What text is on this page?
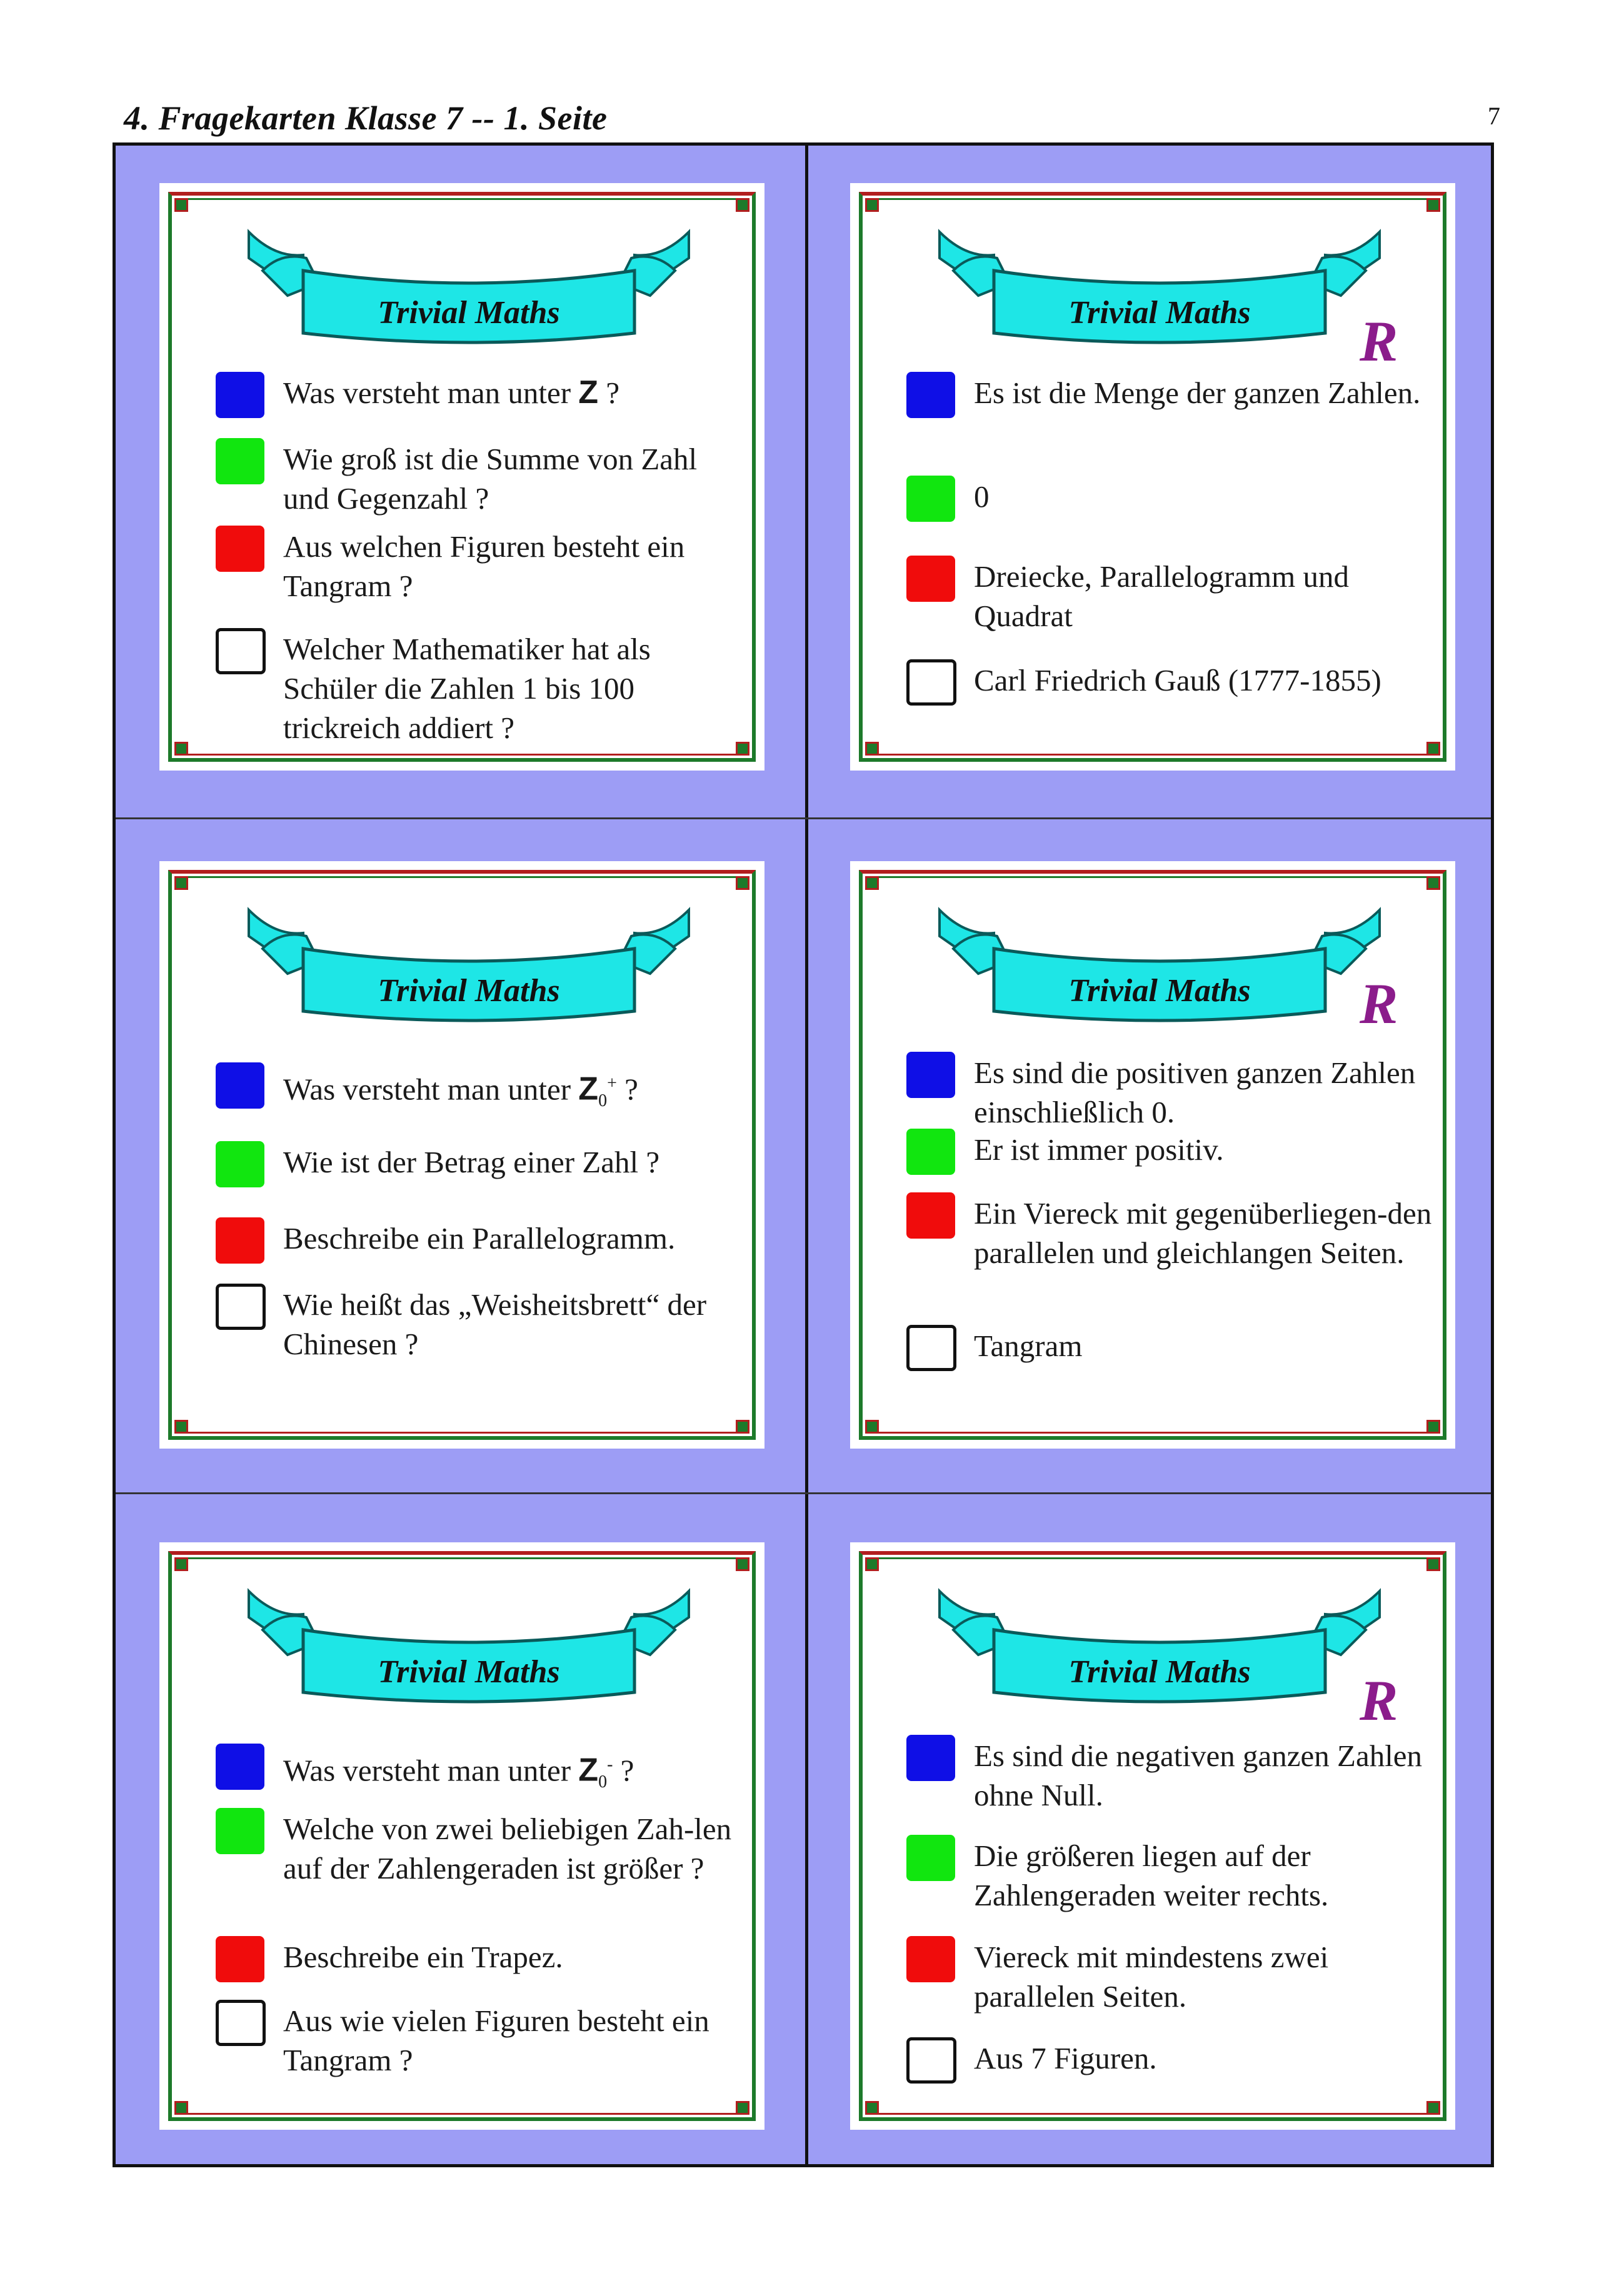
4. Fragekarten Klasse 7 -- 1. Seite	7
Trivial Maths
Was versteht man unter Z ?
Wie groß ist die Summe von Zahl und Gegenzahl ?
Aus welchen Figuren besteht ein Tangram ?
Welcher Mathematiker hat als Schüler die Zahlen 1 bis 100 trickreich addiert ?
Trivial Maths	R
Es ist die Menge der ganzen Zahlen.
0
Dreiecke, Parallelogramm und Quadrat
Carl Friedrich Gauß (1777-1855)
Trivial Maths
Was versteht man unter $Z_0^+$ ?
Wie ist der Betrag einer Zahl ?
Beschreibe ein Parallelogramm.
Wie heißt das „Weisheitsbrett“ der Chinesen ?
Trivial Maths	R
Es sind die positiven ganzen Zahlen einschließlich 0.
Er ist immer positiv.
Ein Viereck mit gegenüberliegen-den parallelen und gleichlangen Seiten.
Tangram
Trivial Maths
Was versteht man unter $Z_0^-$ ?
Welche von zwei beliebigen Zah-len auf der Zahlengeraden ist größer ?
Beschreibe ein Trapez.
Aus wie vielen Figuren besteht ein Tangram ?
Trivial Maths	R
Es sind die negativen ganzen Zahlen ohne Null.
Die größeren liegen auf der Zahlengeraden weiter rechts.
Viereck mit mindestens zwei parallelen Seiten.
Aus 7 Figuren.
